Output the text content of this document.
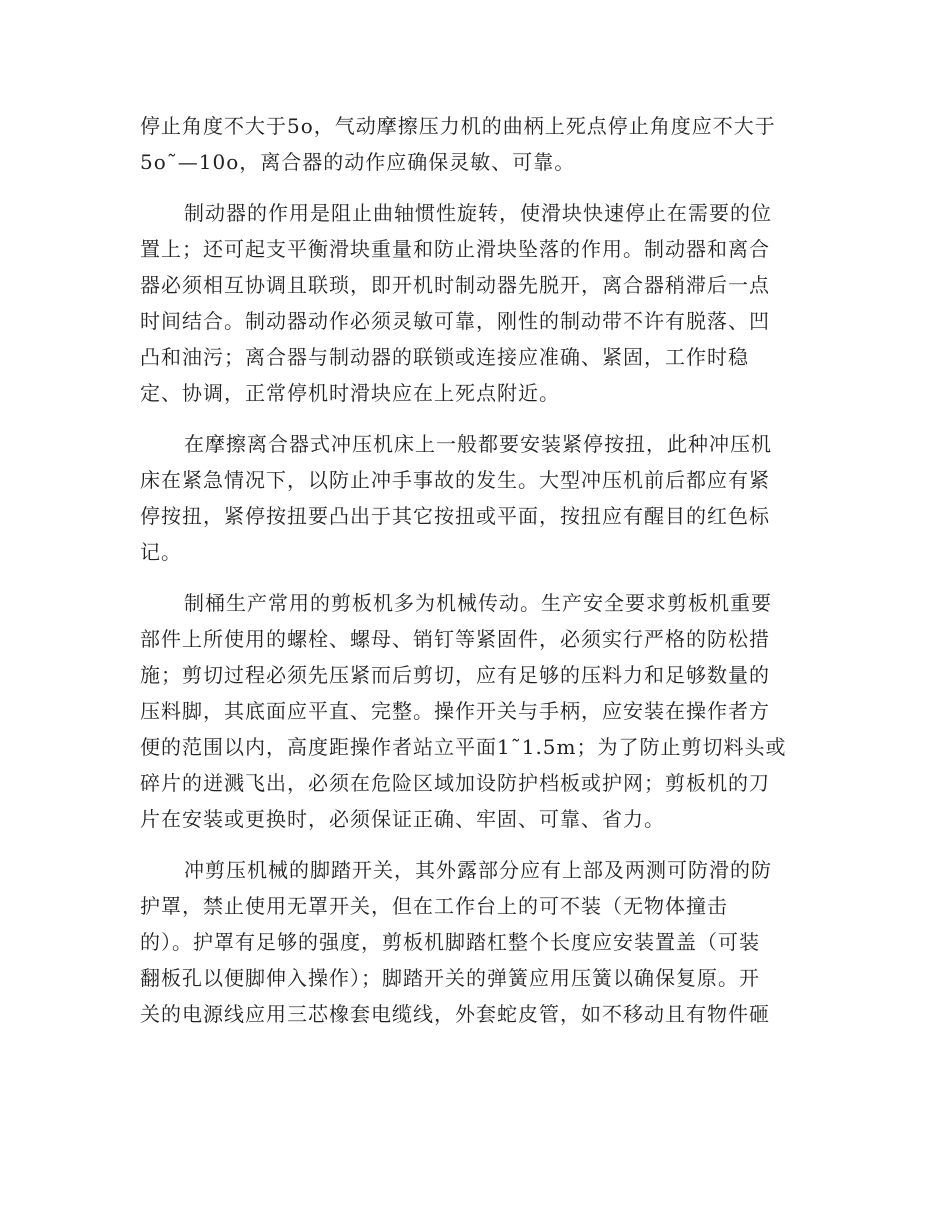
停止角度不大于5o，气动摩擦压力机的曲柄上死点停止角度应不大于
5o˜—10o，离合器的动作应确保灵敏、可靠。
制动器的作用是阻止曲轴惯性旋转，使滑块快速停止在需要的位
置上；还可起支平衡滑块重量和防止滑块坠落的作用。制动器和离合
器必须相互协调且联琐，即开机时制动器先脱开，离合器稍滞后一点
时间结合。制动器动作必须灵敏可靠，刚性的制动带不许有脱落、凹
凸和油污；离合器与制动器的联锁或连接应准确、紧固，工作时稳
定、协调，正常停机时滑块应在上死点附近。
在摩擦离合器式冲压机床上一般都要安装紧停按扭，此种冲压机
床在紧急情况下，以防止冲手事故的发生。大型冲压机前后都应有紧
停按扭，紧停按扭要凸出于其它按扭或平面，按扭应有醒目的红色标
记。
制桶生产常用的剪板机多为机械传动。生产安全要求剪板机重要
部件上所使用的螺栓、螺母、销钉等紧固件，必须实行严格的防松措
施；剪切过程必须先压紧而后剪切，应有足够的压料力和足够数量的
压料脚，其底面应平直、完整。操作开关与手柄，应安装在操作者方
便的范围以内，高度距操作者站立平面1˜1.5m；为了防止剪切料头或
碎片的迸溅飞出，必须在危险区域加设防护档板或护网；剪板机的刀
片在安装或更换时，必须保证正确、牢固、可靠、省力。
冲剪压机械的脚踏开关，其外露部分应有上部及两测可防滑的防
护罩，禁止使用无罩开关，但在工作台上的可不装（无物体撞击
的）。护罩有足够的强度，剪板机脚踏杠整个长度应安装置盖（可装
翻板孔以便脚伸入操作）；脚踏开关的弹簧应用压簧以确保复原。开
关的电源线应用三芯橡套电缆线，外套蛇皮管，如不移动且有物件砸
